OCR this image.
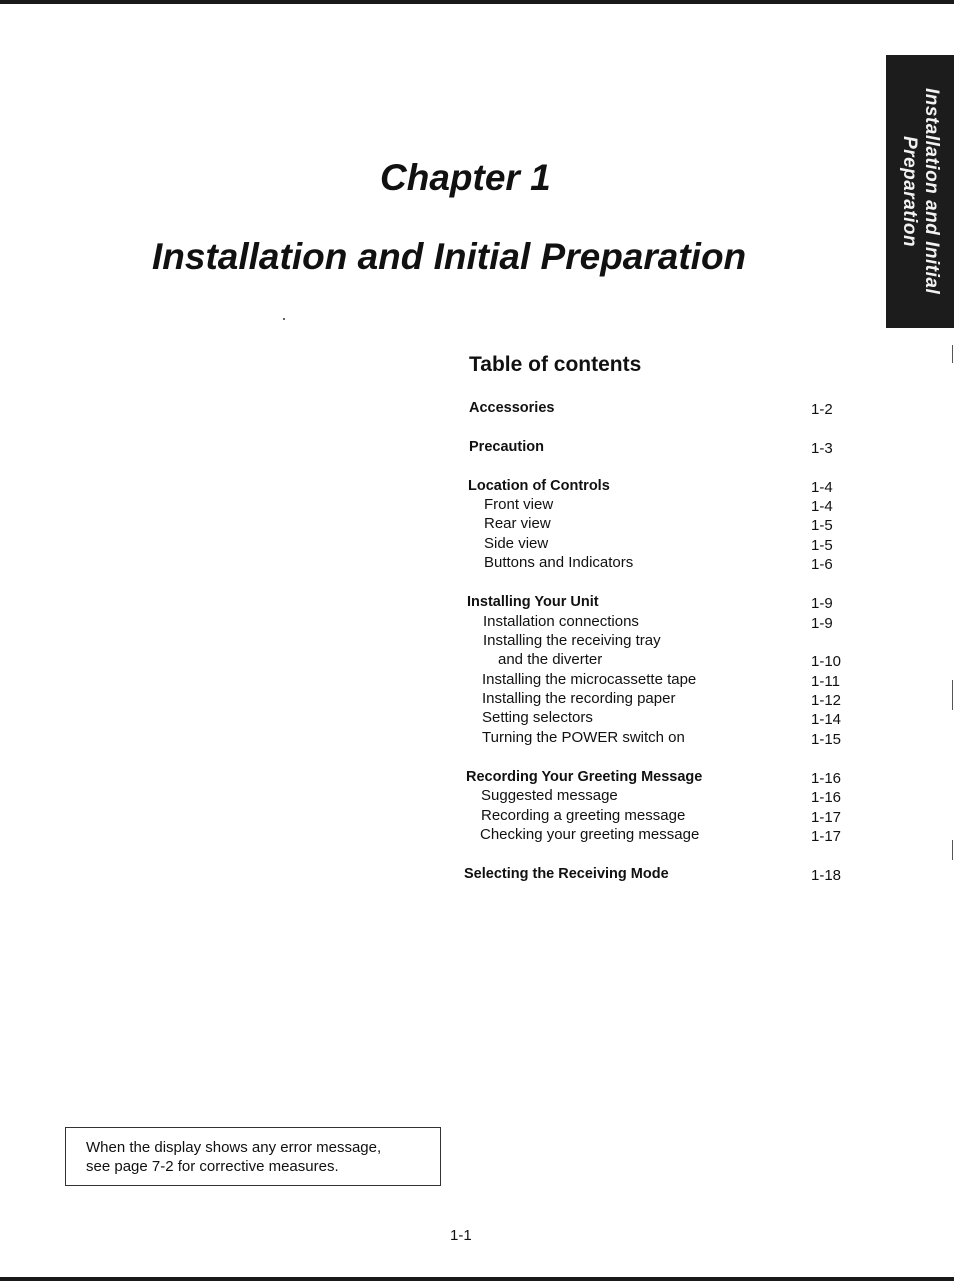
Installation and Initial
Preparation
Chapter 1
Installation and Initial Preparation
Table of contents
Accessories	1-2
Precaution	1-3
Location of Controls	1-4
Front view	1-4
Rear view	1-5
Side view	1-5
Buttons and Indicators	1-6
Installing Your Unit	1-9
Installation connections	1-9
Installing the receiving tray
and the diverter	1-10
Installing the microcassette tape	1-11
Installing the recording paper	1-12
Setting selectors	1-14
Turning the POWER switch on	1-15
Recording Your Greeting Message	1-16
Suggested message	1-16
Recording a greeting message	1-17
Checking your greeting message	1-17
Selecting the Receiving Mode	1-18
When the display shows any error message,
see page 7-2 for corrective measures.
1-1
